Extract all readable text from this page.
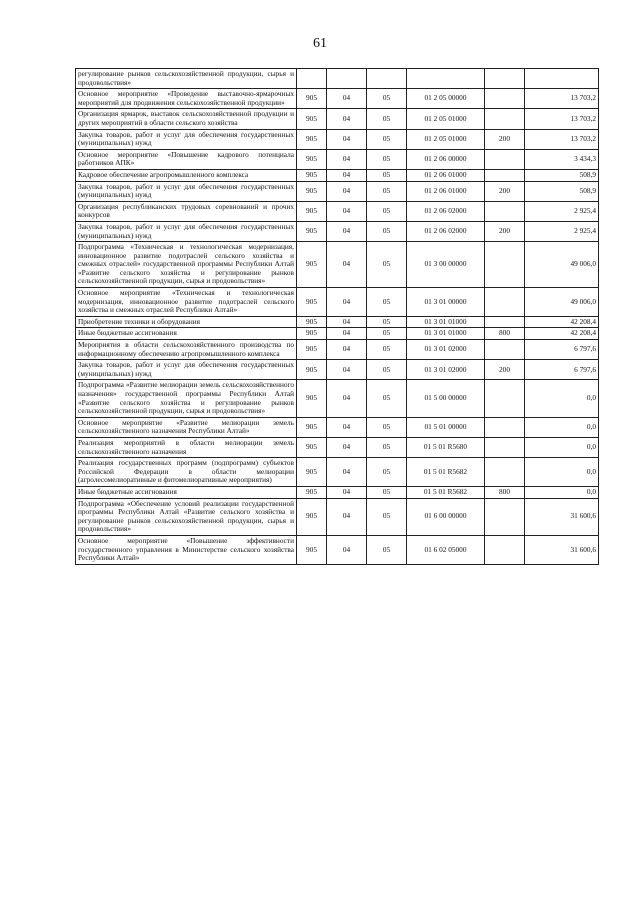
61
регулирование рынков сельскохозяйственной продукции, сырья и продовольствия»						
Основное мероприятие «Проведение выставочно-ярмарочных мероприятий для продвижения сельскохозяйственной продукции»	905	04	05	01 2 05 00000		13 703,2
Организация ярмарок, выставок сельскохозяйственной продукции и других мероприятий в области сельского хозяйства	905	04	05	01 2 05 01000		13 703,2
Закупка товаров, работ и услуг для обеспечения государственных (муниципальных) нужд	905	04	05	01 2 05 01000	200	13 703,2
Основное мероприятие «Повышение кадрового потенциала работников АПК»	905	04	05	01 2 06 00000		3 434,3
Кадровое обеспечение агропромышленного комплекса	905	04	05	01 2 06 01000		508,9
Закупка товаров, работ и услуг для обеспечения государственных (муниципальных) нужд	905	04	05	01 2 06 01000	200	508,9
Организация республиканских трудовых соревнований и прочих конкурсов	905	04	05	01 2 06 02000		2 925,4
Закупка товаров, работ и услуг для обеспечения государственных (муниципальных) нужд	905	04	05	01 2 06 02000	200	2 925,4
Подпрограмма «Техническая и технологическая модернизация, инновационное развитие подотраслей сельского хозяйства и смежных отраслей» государственной программы Республики Алтай «Развитие сельского хозяйства и регулирование рынков сельскохозяйственной продукции, сырья и продовольствия»	905	04	05	01 3 00 00000		49 006,0
Основное мероприятие «Техническая и технологическая модернизация, инновационное развитие подотраслей сельского хозяйства и смежных отраслей Республики Алтай»	905	04	05	01 3 01 00000		49 006,0
Приобретение техники и оборудования	905	04	05	01 3 01 01000		42 208,4
Иные бюджетные ассигнования	905	04	05	01 3 01 01000	800	42 208,4
Мероприятия в области сельскохозяйственного производства по информационному обеспечению агропромышленного комплекса	905	04	05	01 3 01 02000		6 797,6
Закупка товаров, работ и услуг для обеспечения государственных (муниципальных) нужд	905	04	05	01 3 01 02000	200	6 797,6
Подпрограмма «Развитие мелиорации земель сельскохозяйственного назначения» государственной программы Республики Алтай «Развитие сельского хозяйства и регулирование рынков сельскохозяйственной продукции, сырья и продовольствия»	905	04	05	01 5 00 00000		0,0
Основное мероприятие «Развитие мелиорации земель сельскохозяйственного назначения Республики Алтай»	905	04	05	01 5 01 00000		0,0
Реализация мероприятий в области мелиорации земель сельскохозяйственного назначения	905	04	05	01 5 01 R5680		0,0
Реализация государственных программ (подпрограмм) субъектов Российской Федерации в области мелиорации (агролесомелиоративные и фитомелиоративные мероприятия)	905	04	05	01 5 01 R5682		0,0
Иные бюджетные ассигнования	905	04	05	01 5 01 R5682	800	0,0
Подпрограмма «Обеспечение условий реализации государственной программы Республики Алтай «Развитие сельского хозяйства и регулирование рынков сельскохозяйственной продукции, сырья и продовольствия»	905	04	05	01 6 00 00000		31 600,6
Основное мероприятие «Повышение эффективности государственного управления в Министерстве сельского хозяйства Республики Алтай»	905	04	05	01 6 02 05000		31 600,6
